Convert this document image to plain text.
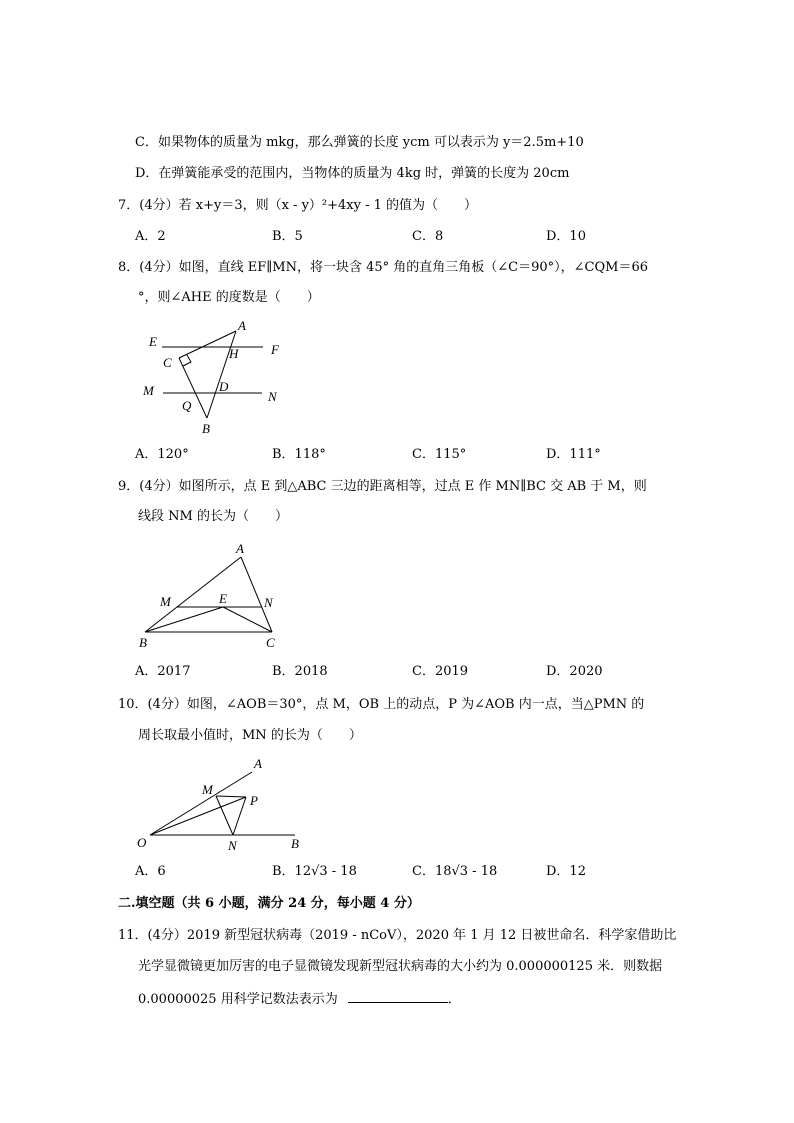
C．如果物体的质量为 mkg，那么弹簧的长度 ycm 可以表示为 y＝2.5m+10
D．在弹簧能承受的范围内，当物体的质量为 4kg 时，弹簧的长度为 20cm
7．(4分）若 x+y＝3，则（x - y）²+4xy - 1 的值为（　　）
A．2	B．5	C．8	D．10
8．(4分）如图，直线 EF∥MN，将一块含 45° 角的直角三角板（∠C＝90°），∠CQM＝66
°，则∠AHE 的度数是（　　）
E
F
A
H
C
M	D
N
Q
B
A．120°	B．118°	C．115°	D．111°
9．(4分）如图所示，点 E 到△ABC 三边的距离相等，过点 E 作 MN∥BC 交 AB 于 M，则
线段 NM 的长为（　　）
A
M	E	N
B	C
A．2017	B．2018	C．2019	D．2020
10．(4分）如图，∠AOB＝30°，点 M，OB 上的动点，P 为∠AOB 内一点，当△PMN 的
周长取最小值时，MN 的长为（　　）
A
M
P
O	N	B
A．6	B．12√3 - 18	C．18√3 - 18	D．12
二.填空题（共 6 小题，满分 24 分，每小题 4 分）
11．(4分）2019 新型冠状病毒（2019 - nCoV），2020 年 1 月 12 日被世命名．科学家借助比
光学显微镜更加厉害的电子显微镜发现新型冠状病毒的大小约为 0.000000125 米．则数据
0.00000025 用科学记数法表示为	．
